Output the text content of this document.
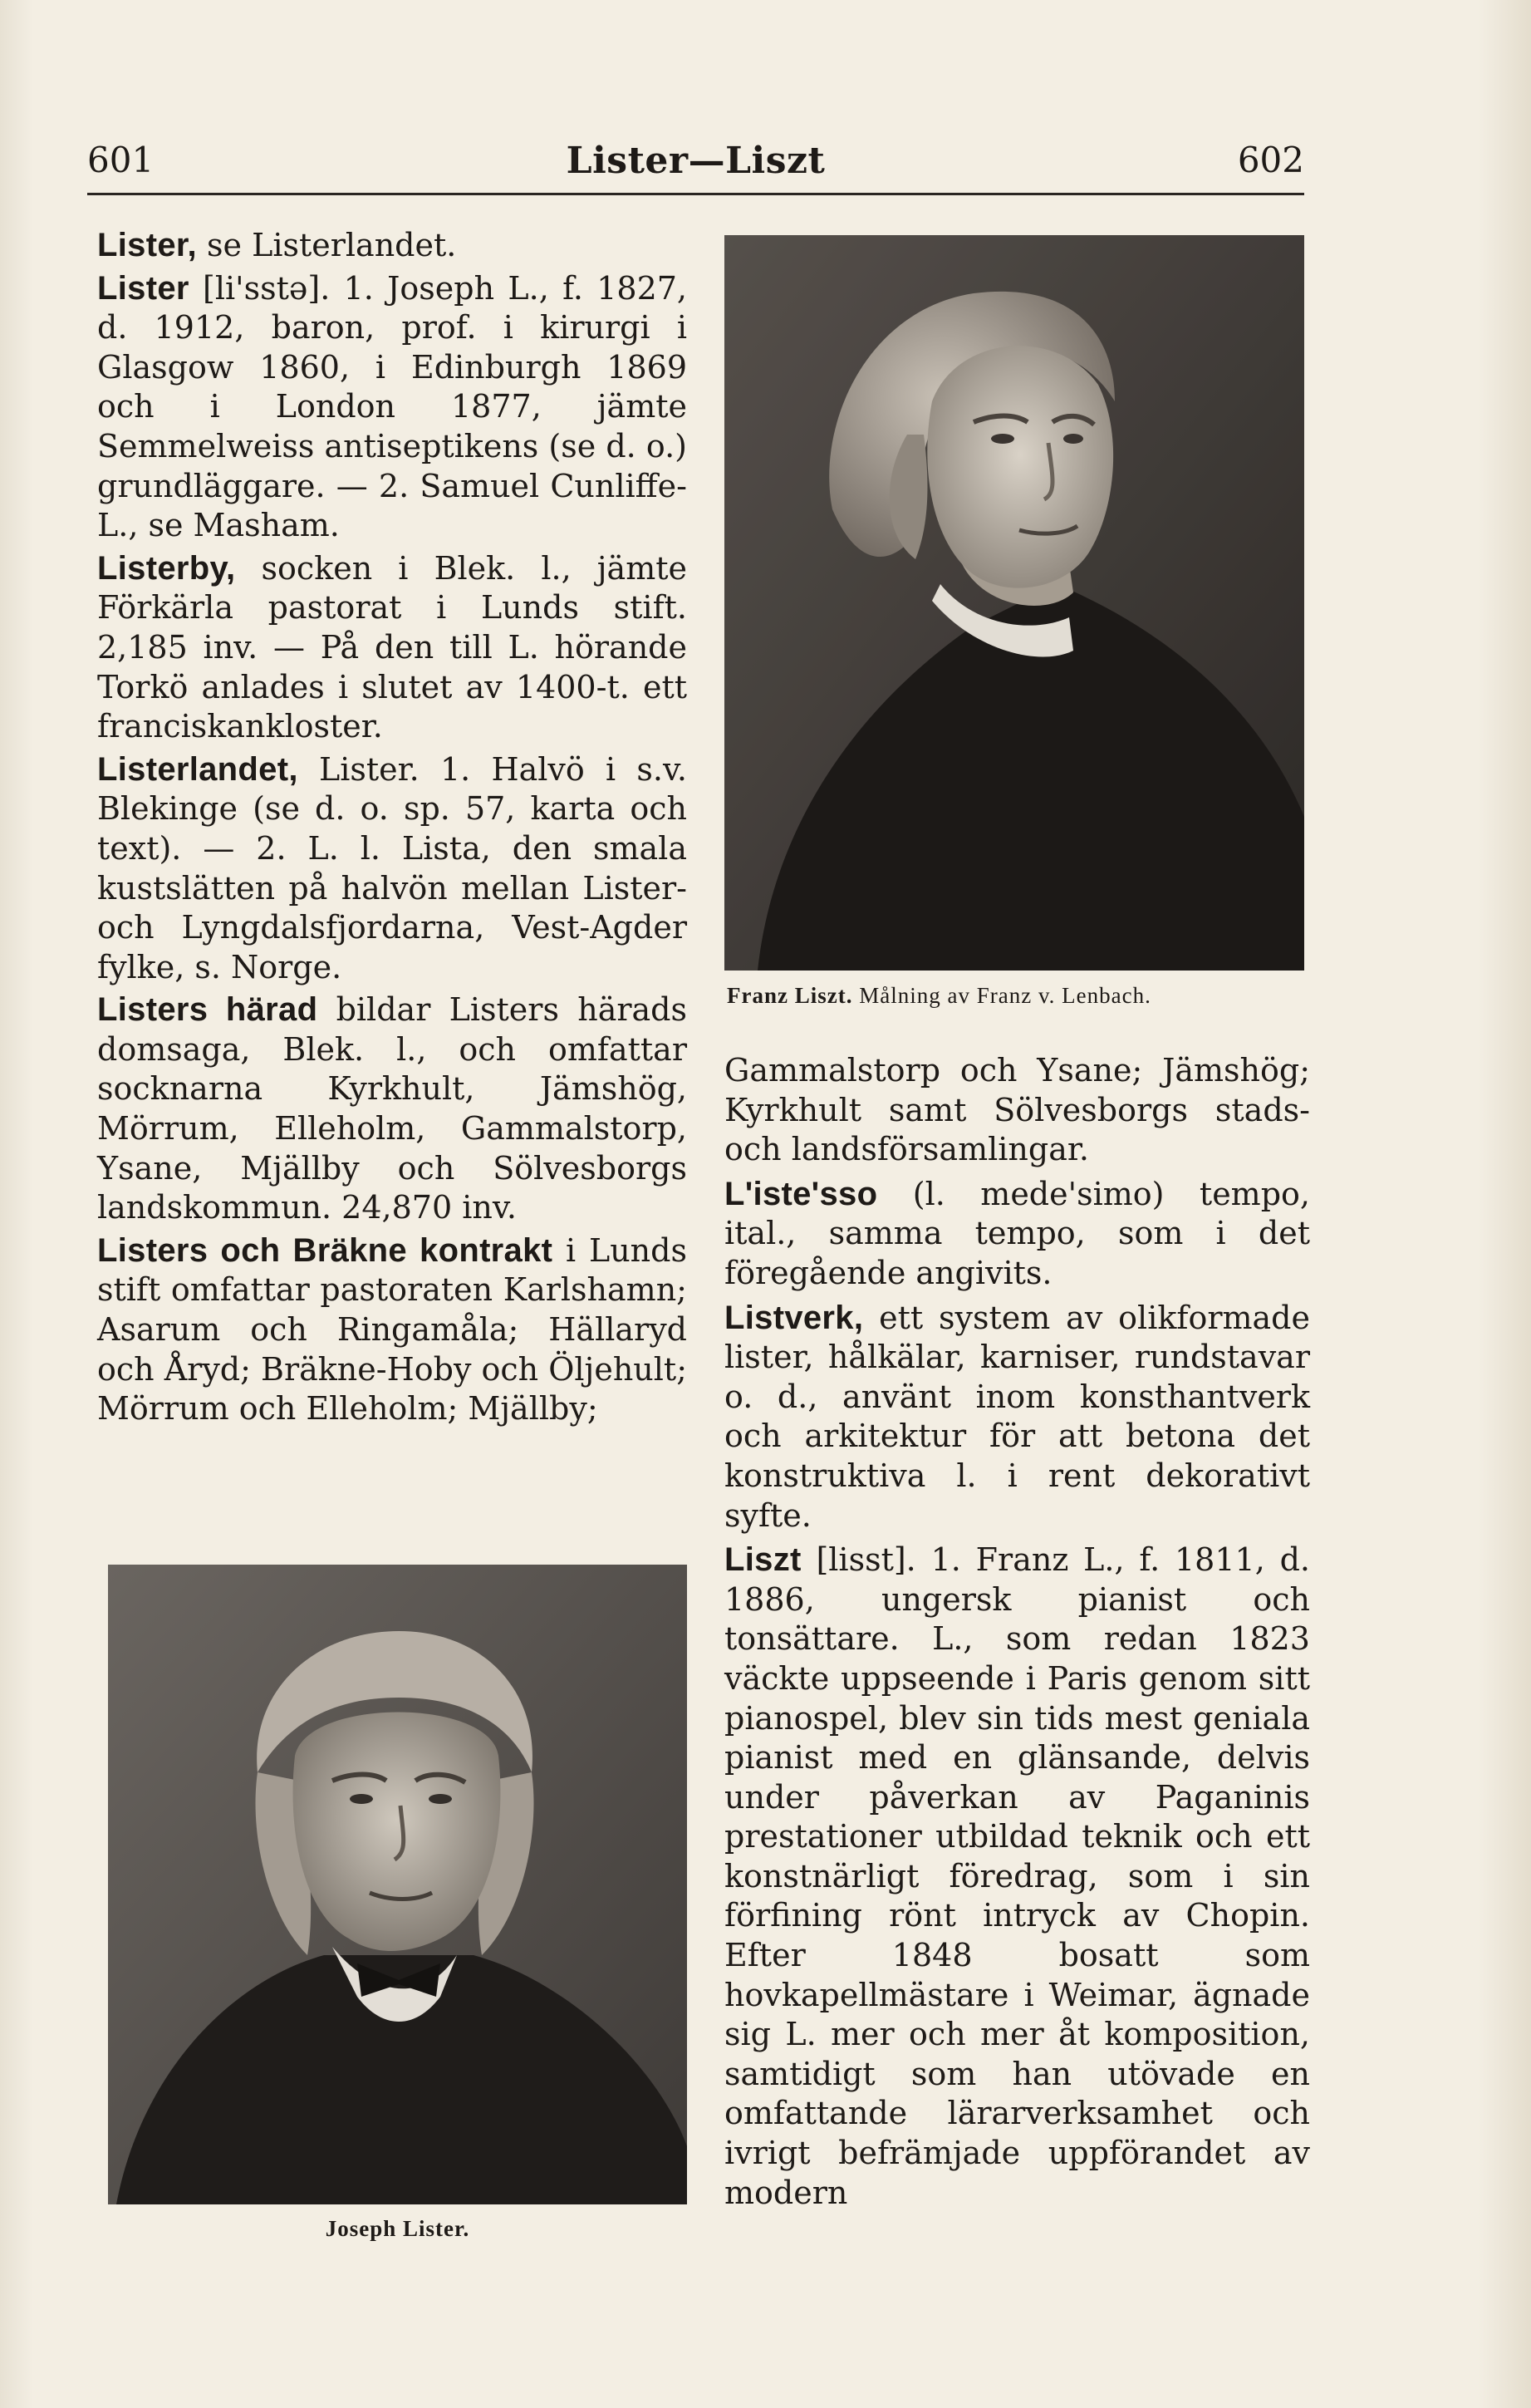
601	Lister—Liszt	602

Lister, se Listerlandet.

Lister [li'sstə]. 1. Joseph L., f. 1827, d. 1912, baron, prof. i kirurgi i Glasgow 1860, i Edinburgh 1869 och i London 1877, jämte Semmelweiss antiseptikens (se d. o.) grundläggare. — 2. Samuel Cunliffe-L., se Masham.

Listerby, socken i Blek. l., jämte Förkärla pastorat i Lunds stift. 2,185 inv. — På den till L. hörande Torkö anlades i slutet av 1400-t. ett franciskankloster.

Listerlandet, Lister. 1. Halvö i s.v. Blekinge (se d. o. sp. 57, karta och text). — 2. L. l. Lista, den smala kustslätten på halvön mellan Lister- och Lyngdalsfjordarna, Vest-Agder fylke, s. Norge.

Listers härad bildar Listers härads domsaga, Blek. l., och omfattar socknarna Kyrkhult, Jämshög, Mörrum, Elleholm, Gammalstorp, Ysane, Mjällby och Sölvesborgs landskommun. 24,870 inv.

Listers och Bräkne kontrakt i Lunds stift omfattar pastoraten Karlshamn; Asarum och Ringamåla; Hällaryd och Åryd; Bräkne-Hoby och Öljehult; Mörrum och Elleholm; Mjällby;

Franz Liszt. Målning av Franz v. Lenbach.

Gammalstorp och Ysane; Jämshög; Kyrkhult samt Sölvesborgs stads- och landsförsamlingar.

L'iste'sso (l. mede'simo) tempo, ital., samma tempo, som i det föregående angivits.

Listverk, ett system av olikformade lister, hålkälar, karniser, rundstavar o. d., använt inom konsthantverk och arkitektur för att betona det konstruktiva l. i rent dekorativt syfte.

Liszt [lisst]. 1. Franz L., f. 1811, d. 1886, ungersk pianist och tonsättare. L., som redan 1823 väckte uppseende i Paris genom sitt pianospel, blev sin tids mest geniala pianist med en glänsande, delvis under påverkan av Paganinis prestationer utbildad teknik och ett konstnärligt föredrag, som i sin förfining rönt intryck av Chopin. Efter 1848 bosatt som hovkapellmästare i Weimar, ägnade sig L. mer och mer åt komposition, samtidigt som han utövade en omfattande lärarverksamhet och ivrigt befrämjade uppförandet av modern

Joseph Lister.
